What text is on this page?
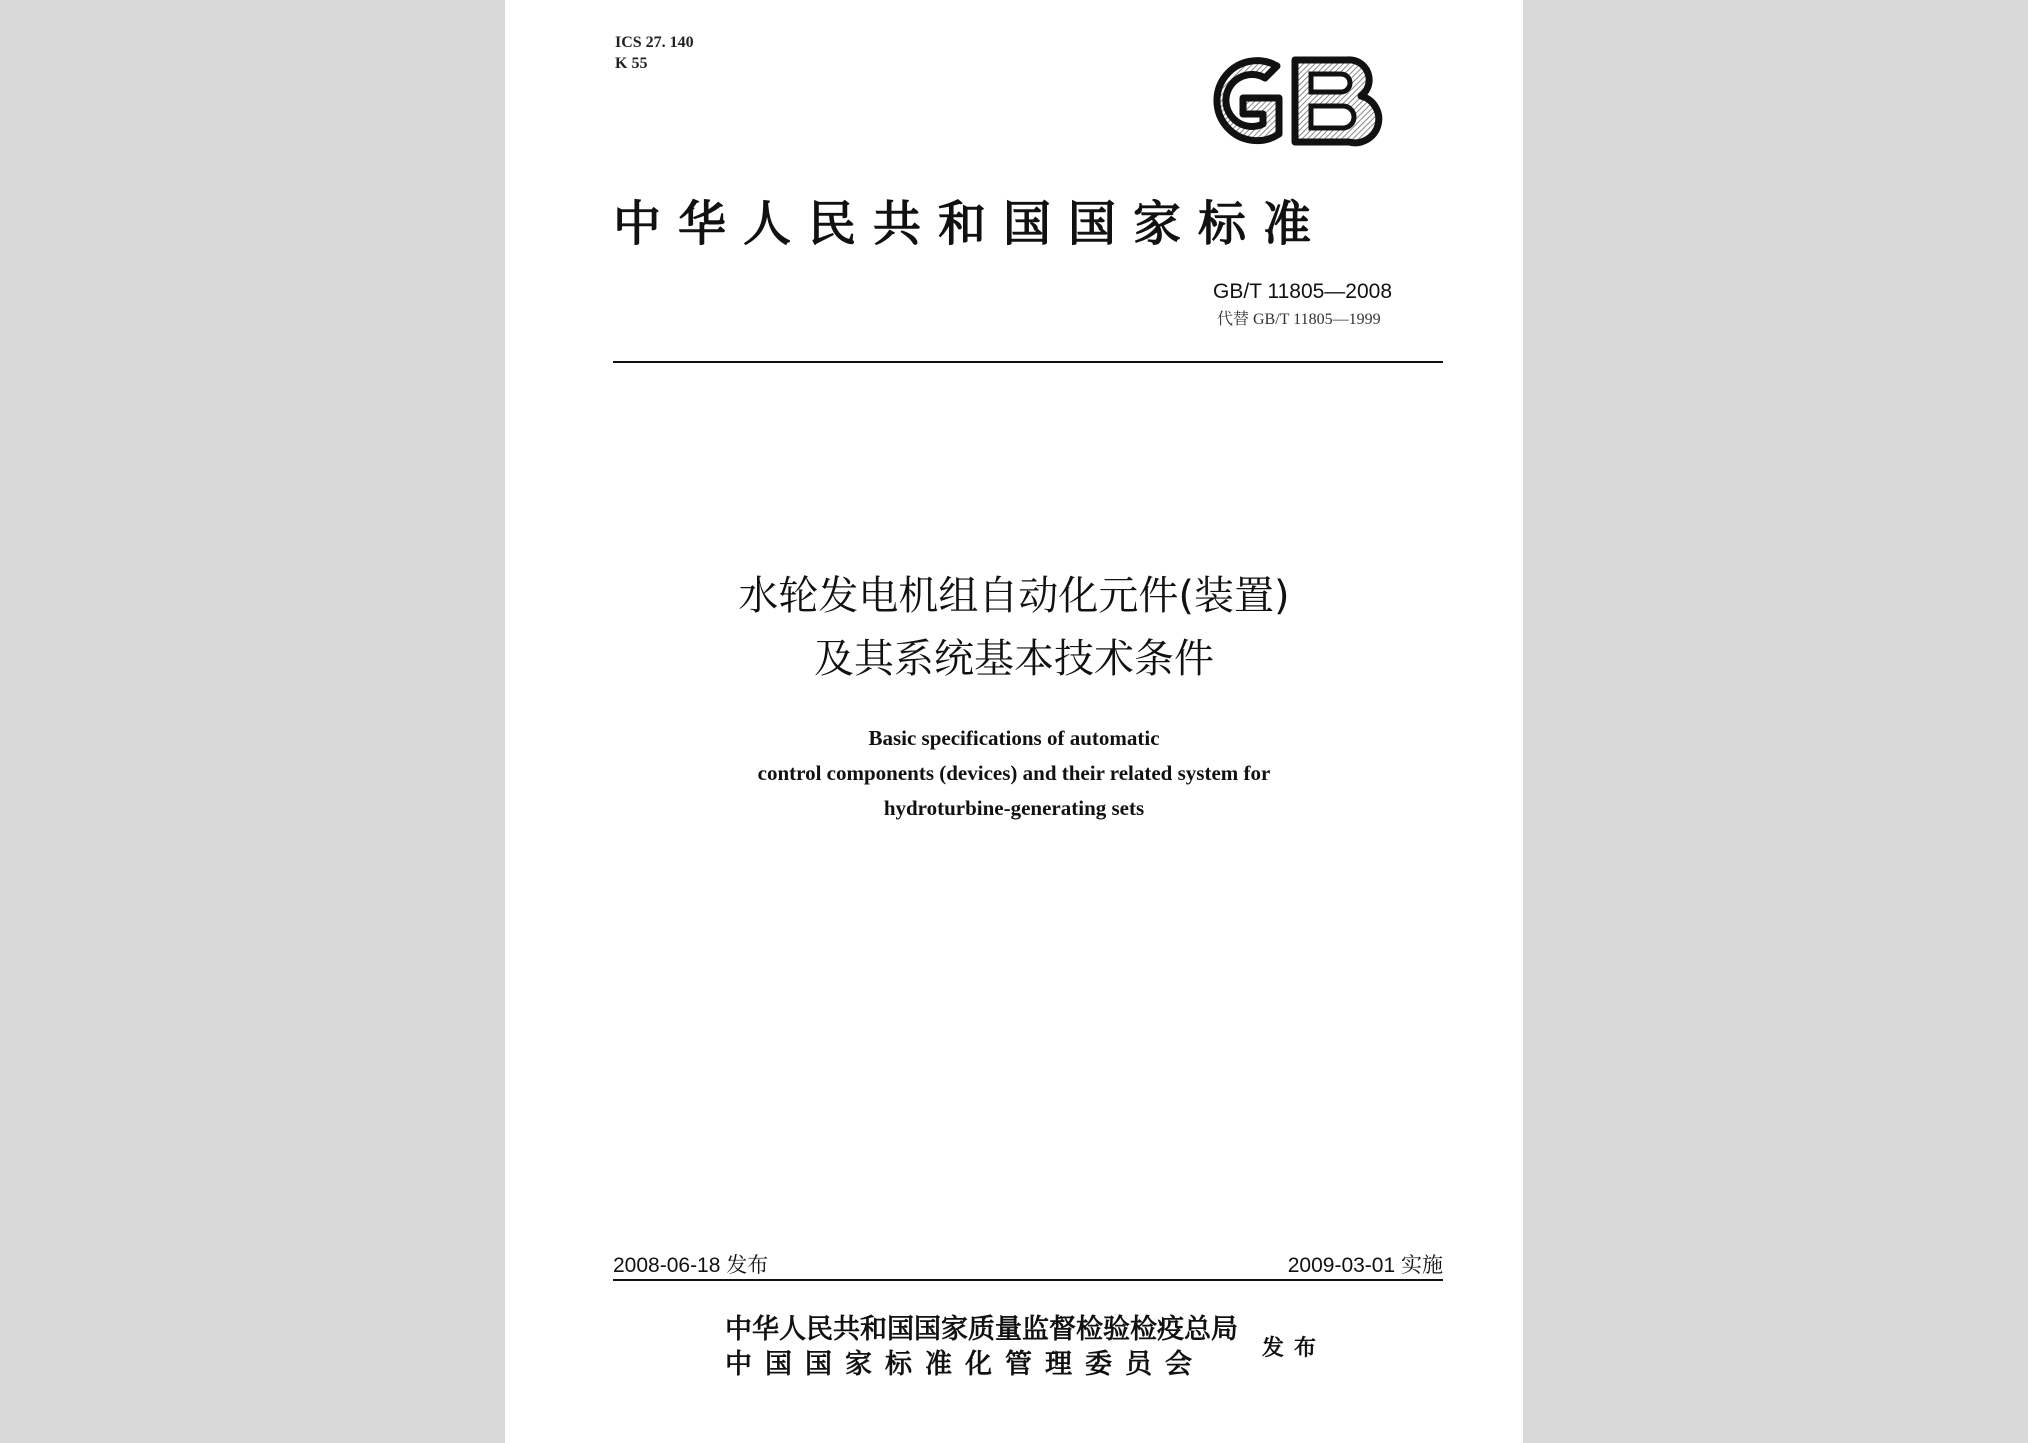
ICS 27. 140
K 55
中华人民共和国国家标准
GB/T 11805—2008
代替 GB/T 11805—1999
水轮发电机组自动化元件(装置)
及其系统基本技术条件
Basic specifications of automatic
control components (devices) and their related system for
hydroturbine-generating sets
2008-06-18 发布	2009-03-01 实施
中华人民共和国国家质量监督检验检疫总局
中国国家标准化管理委员会
发布
